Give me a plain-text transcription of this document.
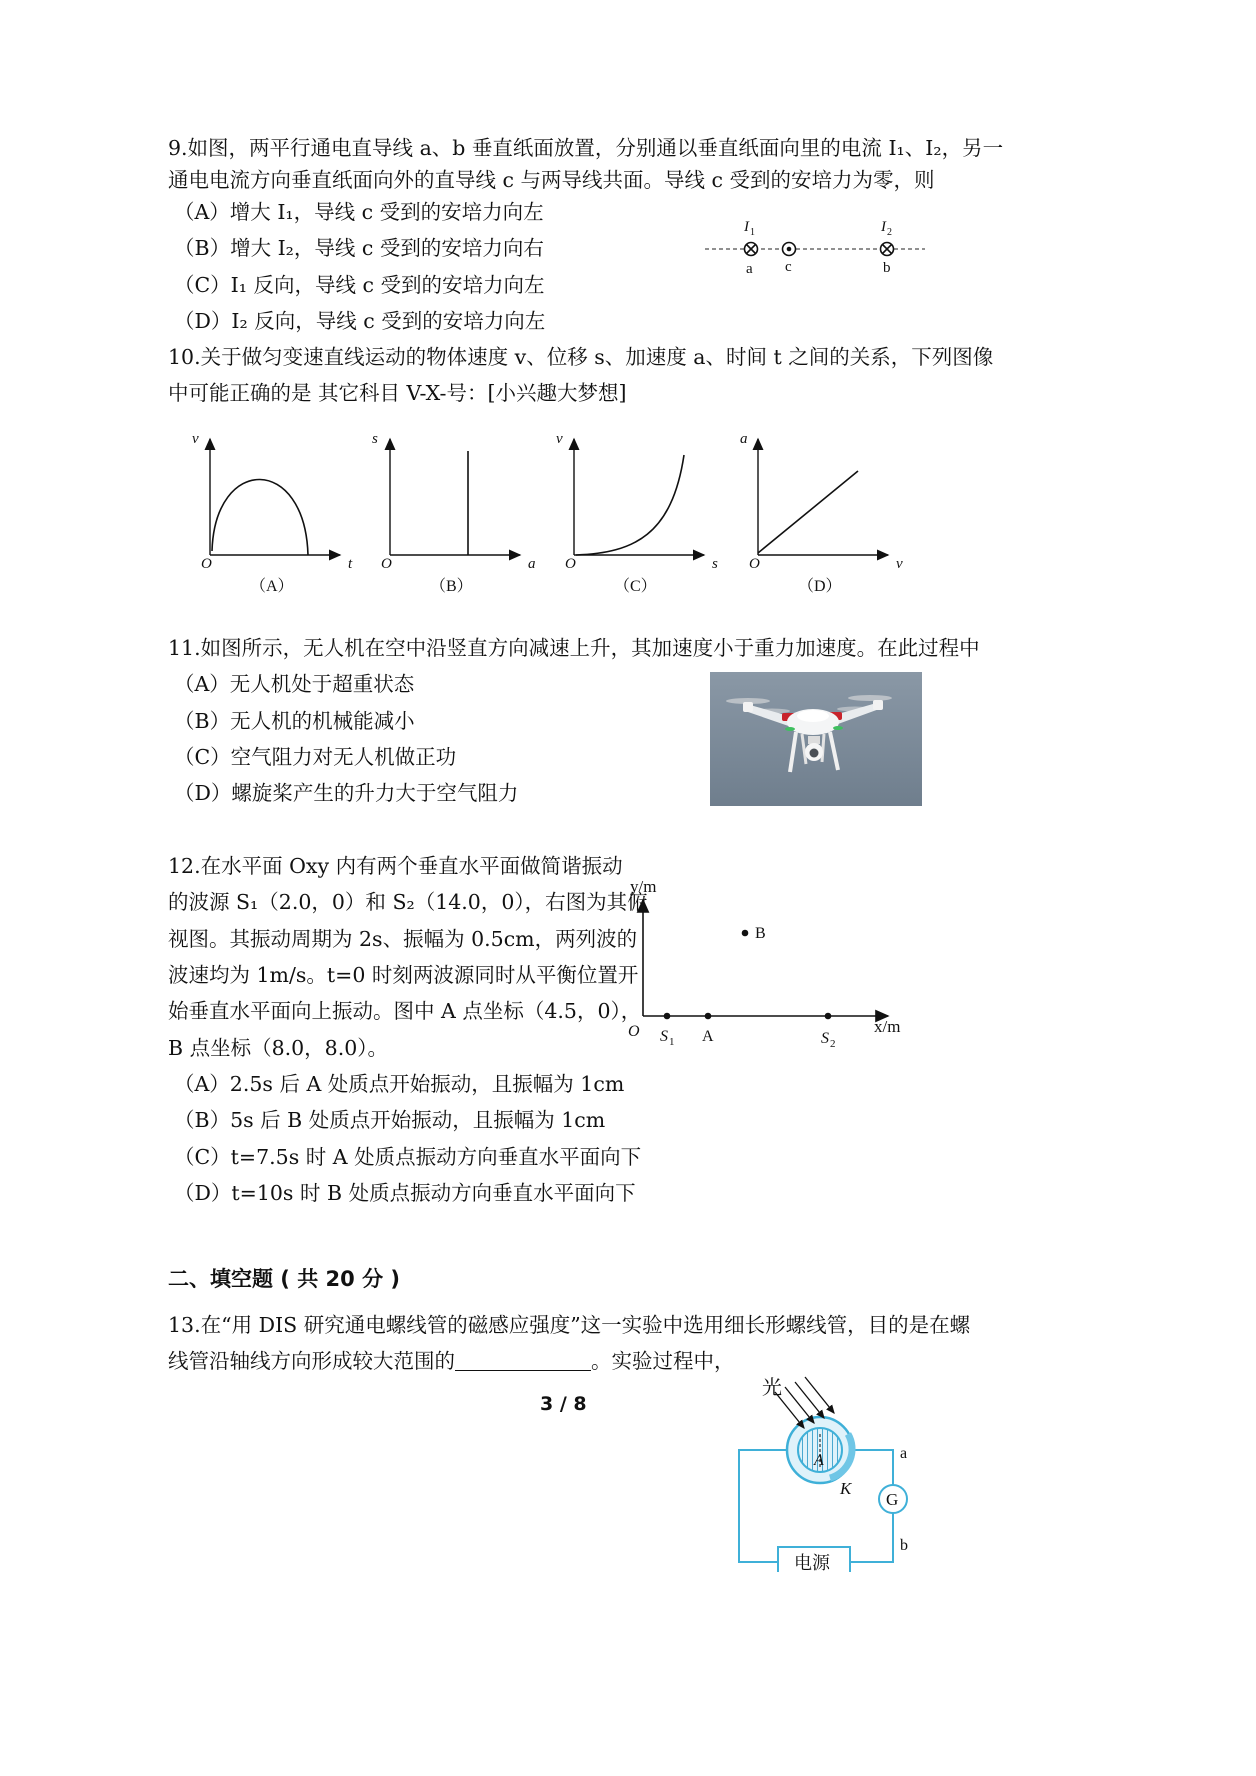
9.如图，两平行通电直导线 a、b 垂直纸面放置，分别通以垂直纸面向里的电流 I₁、I₂，另一
通电电流方向垂直纸面向外的直导线 c 与两导线共面。导线 c 受到的安培力为零，则
（A）增大 I₁，导线 c 受到的安培力向左
（B）增大 I₂，导线 c 受到的安培力向右
（C）I₁ 反向，导线 c 受到的安培力向左
（D）I₂ 反向，导线 c 受到的安培力向左
I 1	I 2
a c	b
10.关于做匀变速直线运动的物体速度 v、位移 s、加速度 a、时间 t 之间的关系，下列图像
中可能正确的是 其它科目 V-X-号：[小兴趣大梦想]
v
t
O
（A）
s
a
O
（B）
v
s
O
（C）
a
v
O
（D）
11.如图所示，无人机在空中沿竖直方向减速上升，其加速度小于重力加速度。在此过程中
（A）无人机处于超重状态
（B）无人机的机械能减小
（C）空气阻力对无人机做正功
（D）螺旋桨产生的升力大于空气阻力
12.在水平面 Oxy 内有两个垂直水平面做简谐振动
的波源 S₁（2.0，0）和 S₂（14.0，0），右图为其俯
视图。其振动周期为 2s、振幅为 0.5cm，两列波的
波速均为 1m/s。t=0 时刻两波源同时从平衡位置开
始垂直水平面向上振动。图中 A 点坐标（4.5，0），
B 点坐标（8.0，8.0）。
（A）2.5s 后 A 处质点开始振动，且振幅为 1cm
（B）5s 后 B 处质点开始振动，且振幅为 1cm
（C）t=7.5s 时 A 处质点振动方向垂直水平面向下
（D）t=10s 时 B 处质点振动方向垂直水平面向下
y/m
x/m
O S 1 A	S 2
B
二、填空题 ( 共 20 分 )
13.在“用 DIS 研究通电螺线管的磁感应强度”这一实验中选用细长形螺线管，目的是在螺
线管沿轴线方向形成较大范围的	。实验过程中，
3 / 8
光
A
K
G
a
b
电源
